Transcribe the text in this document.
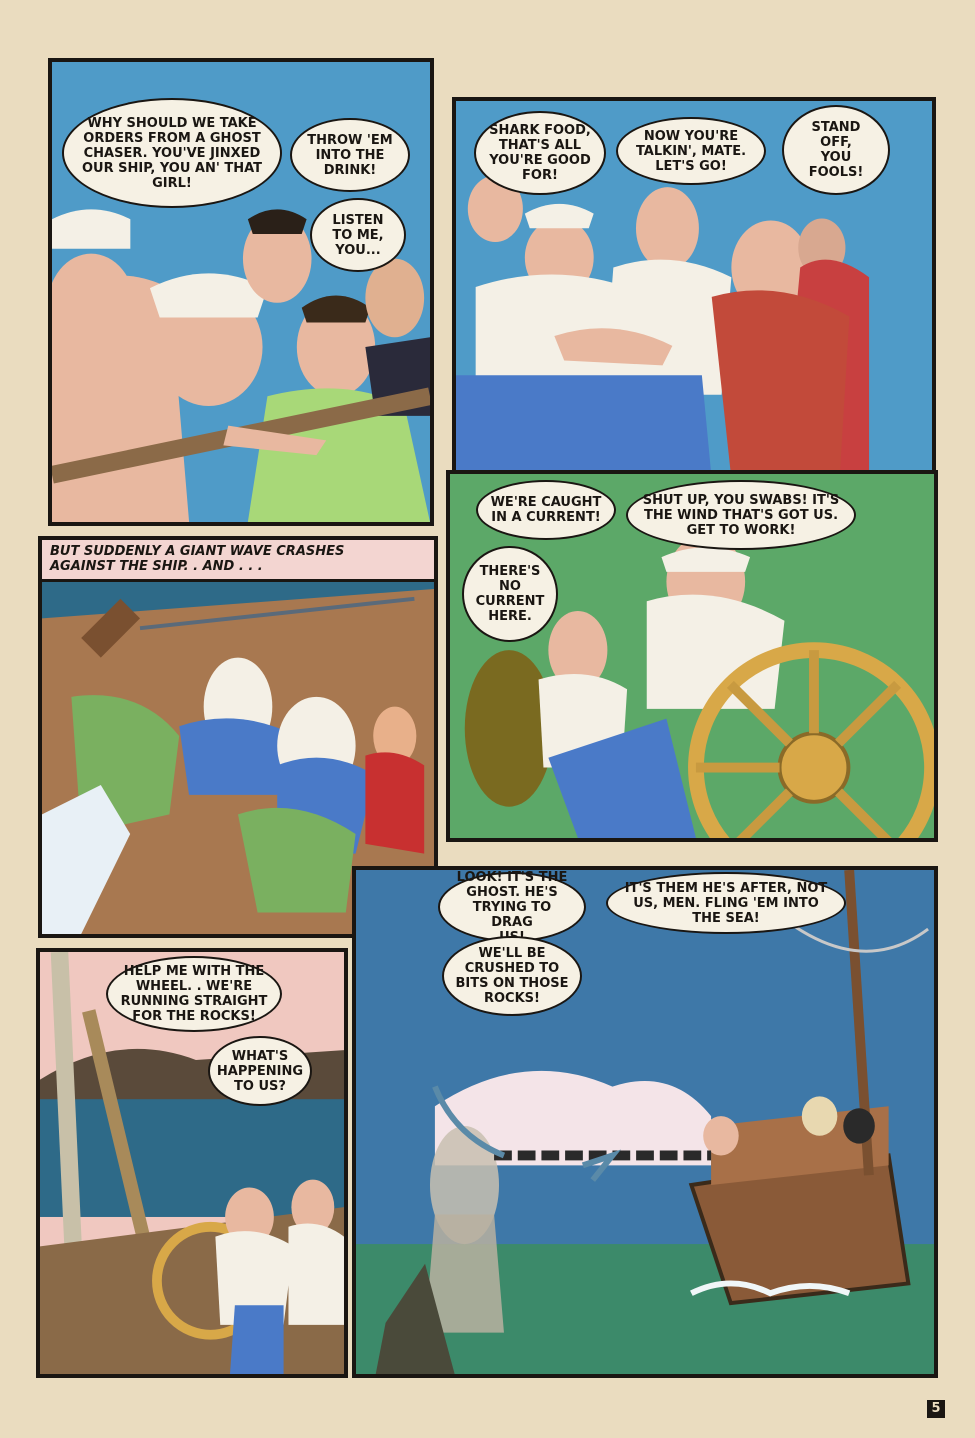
WHY SHOULD WE TAKE
ORDERS FROM A GHOST
CHASER. YOU'VE JINXED
OUR SHIP, YOU AN' THAT
GIRL!
THROW 'EM
INTO THE
DRINK!
LISTEN
TO ME,
YOU...
SHARK FOOD,
THAT'S ALL
YOU'RE GOOD
FOR!
NOW YOU'RE
TALKIN', MATE.
LET'S GO!
STAND
OFF,
YOU
FOOLS!
BUT SUDDENLY A GIANT WAVE CRASHES
AGAINST THE SHIP. . AND . . .
WE'RE CAUGHT
IN A CURRENT!
SHUT UP, YOU SWABS! IT'S
THE WIND THAT'S GOT US.
GET TO WORK!
THERE'S
NO
CURRENT
HERE.
HELP ME WITH THE
WHEEL. . WE'RE
RUNNING STRAIGHT
FOR THE ROCKS!
WHAT'S
HAPPENING
TO US?
LOOK! IT'S THE
GHOST. HE'S
TRYING TO DRAG

IT'S THEM HE'S AFTER, NOT
US, MEN. FLING 'EM INTO
THE SEA!
WE'LL BE
CRUSHED TO
BITS ON THOSE
ROCKS!
5
